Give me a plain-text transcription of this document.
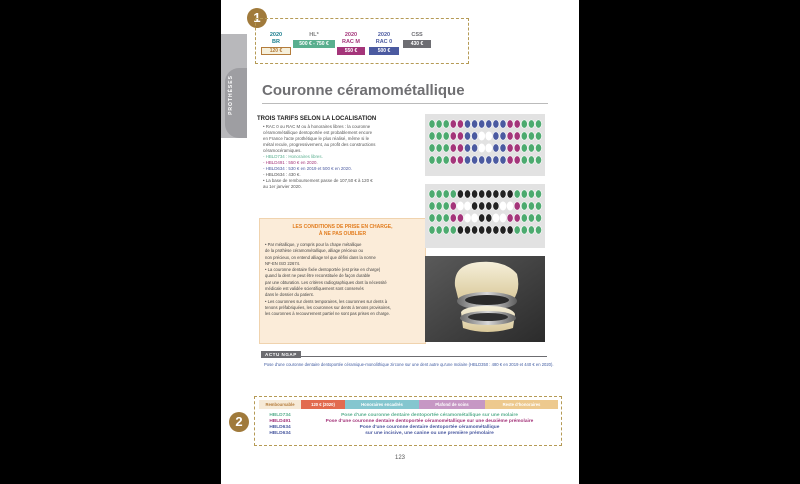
PROTHÈSES
1
2020
BR
120 €
HL*
500 € - 750 €
2020
RAC M
550 €
2020
RAC 0
500 €
CSS
430 €
Couronne céramométallique
TROIS TARIFS SELON LA LOCALISATION
• RAC 0 ou RAC M ou à honoraires libres : la couronne
céramométallique dentoportée est probablement encore
en France l'acte prothétique le plus réalisé, même si le
métal recule, progressivement, au profit des constructions
céramocéramiques.
- HBLD734 : Honoraires libres.
- HBLD491 : 550 € en 2020.
- HBLD634 : 530 € en 2019 et 500 € en 2020.
- HBLD634 : 430 €.
• La base de remboursement passe de 107,50 € à 120 €
au 1er janvier 2020.
LES CONDITIONS DE PRISE EN CHARGE,
À NE PAS OUBLIER
• Par métallique, y compris pour la chape métallique
de la prothèse céramométallique, alliage précieux ou
non précieux, on entend alliage tel que défini dans la norme
NF-EN ISO 22674.
• La couronne dentaire fixée dentoportée (est prise en charge)
quand la dent ne peut être reconstituée de façon durable
par une obturation. Les critères radiographiques dont la nécessité
médicale est validée scientifiquement sont conservés
dans le dossier du patient.
• Les couronnes sur dents temporaires, les couronnes sur dents à
tenons préfabriquées, les couronnes sur dents à tenons provisoires,
les couronnes à recouvrement partiel ne sont pas prises en charge.
ACTU NGAP
Pose d'une couronne dentaire dentoportée céramique-monolithique zircone sur une dent autre qu'une molaire (HBLD350 : 480 € en 2019 et 440 € en 2020).
2
Remboursable	120 € (2020)	Honoraires encadrés	Plafond de soins	Reste d'honoraires
HBLD734	Pose d'une couronne dentaire dentoportée céramométallique sur une molaire
HBLD491	Pose d'une couronne dentaire dentoportée céramométallique sur une deuxième prémolaire
HBLD634	Pose d'une couronne dentaire dentoportée céramométallique
HBLD634	sur une incisive, une canine ou une première prémolaire
123
